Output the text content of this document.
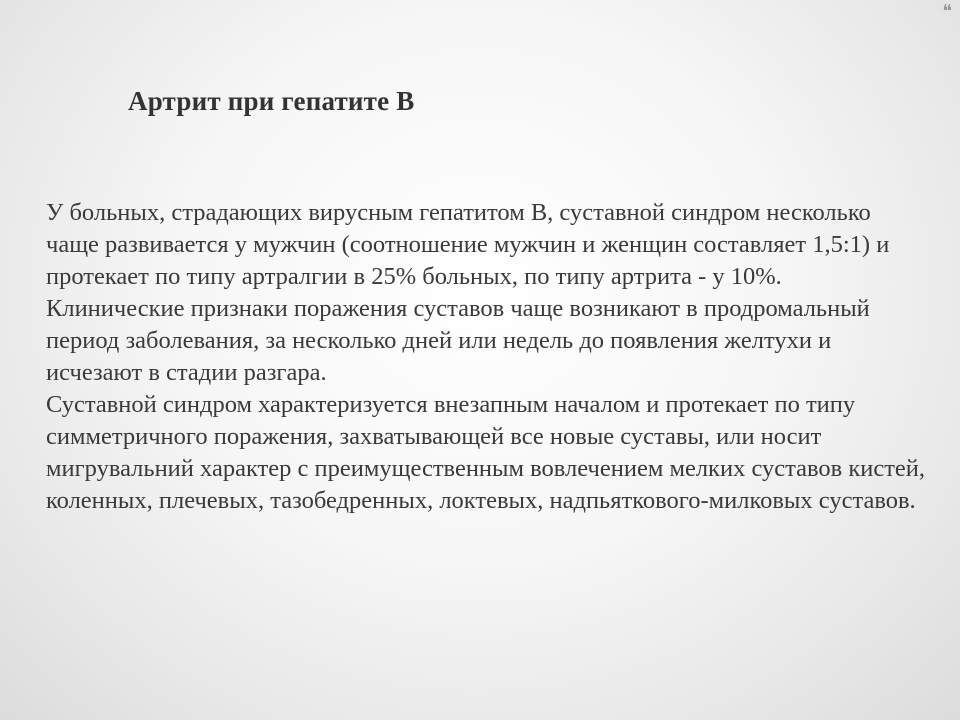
❝
Артрит при гепатите В

У больных, страдающих вирусным гепатитом В, суставной синдром несколько чаще развивается у мужчин (соотношение мужчин и женщин составляет 1,5:1) и протекает по типу артралгии в 25% больных, по типу артрита - у 10%.

Клинические признаки поражения суставов чаще возникают в продромальный период заболевания, за несколько дней или недель до появления желтухи и исчезают в стадии разгара.

Суставной синдром характеризуется внезапным началом и протекает по типу симметричного поражения, захватывающей все новые суставы, или носит мигрувальний характер с преимущественным вовлечением мелких суставов кистей, коленных, плечевых, тазобедренных, локтевых, надпьяткового-милковых суставов.
